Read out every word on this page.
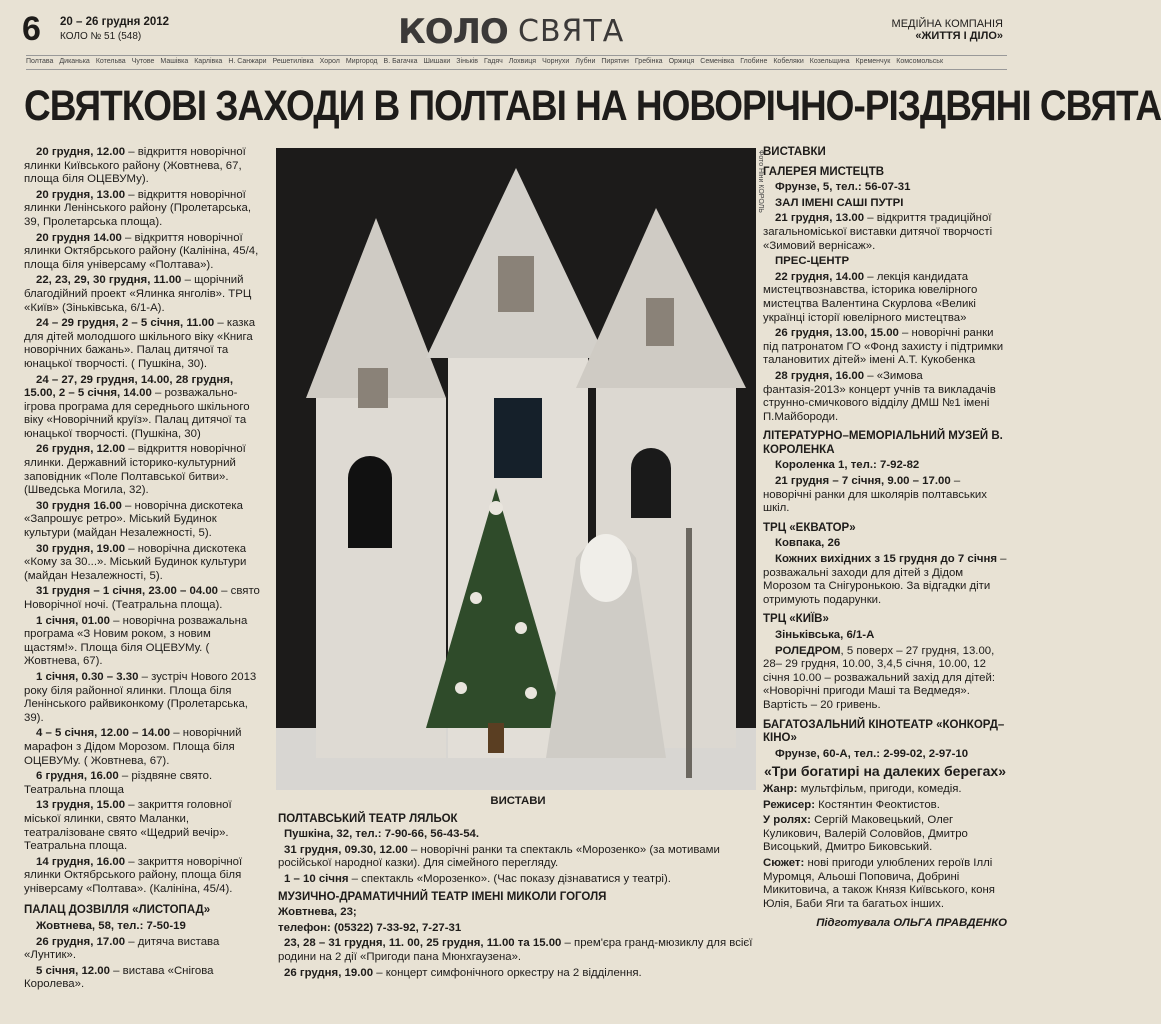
6 20 – 26 грудня 2012
КОЛО № 51 (548)	КОЛО СВЯТА	МЕДІЙНА КОМПАНІЯ
«ЖИТТЯ І ДІЛО»
Полтава Диканька Котельва Чутове Машівка Карлівка Н. Санжари Решетилівка Хорол Миргород В. Багачка Шишаки Зіньків Гадяч Лохвиця Чорнухи Лубни Пирятин Гребінка Оржиця Семенівка Глобине Кобеляки Козельщина Кременчук Комсомольськ
СВЯТКОВІ ЗАХОДИ В ПОЛТАВІ НА НОВОРІЧНО-РІЗДВЯНІ СВЯТА

20 грудня, 12.00 – відкриття новорічної ялинки Київського району (Жовтнева, 67, площа біля ОЦЕВУМу).

20 грудня, 13.00 – відкриття новорічної ялинки Ленінського району (Пролетарська, 39, Пролетарська площа).

20 грудня 14.00 – відкриття новорічної ялинки Октябрського району (Калініна, 45/4, площа біля універсаму «Полтава»).

22, 23, 29, 30 грудня, 11.00 – щорічний благодійний проект «Ялинка янголів». ТРЦ «Київ» (Зіньківська, 6/1-А).

24 – 29 грудня, 2 – 5 січня, 11.00 – казка для дітей молодшого шкільного віку «Книга новорічних бажань». Палац дитячої та юнацької творчості. ( Пушкіна, 30).

24 – 27, 29 грудня, 14.00, 28 грудня, 15.00, 2 – 5 січня, 14.00 – розважально-ігрова програма для середнього шкільного віку «Новорічний круїз». Палац дитячої та юнацької творчості. (Пушкіна, 30)

26 грудня, 12.00 – відкриття новорічної ялинки. Державний історико-культурний заповідник «Поле Полтавської битви». (Шведська Могила, 32).

30 грудня 16.00 – новорічна дискотека «Запрошує ретро». Міський Будинок культури (майдан Незалежності, 5).

30 грудня, 19.00 – новорічна дискотека «Кому за 30...». Міський Будинок культури (майдан Незалежності, 5).

31 грудня – 1 січня, 23.00 – 04.00 – свято Новорічної ночі. (Театральна площа).

1 січня, 01.00 – новорічна розважальна програма «З Новим роком, з новим щастям!». Площа біля ОЦЕВУМу. ( Жовтнева, 67).

1 січня, 0.30 – 3.30 – зустріч Нового 2013 року біля районної ялинки. Площа біля Ленінського райвиконкому (Пролетарська, 39).

4 – 5 січня, 12.00 – 14.00 – новорічний марафон з Дідом Морозом. Площа біля ОЦЕВУМу. ( Жовтнева, 67).

6 грудня, 16.00 – різдвяне свято. Театральна площа

13 грудня, 15.00 – закриття головної міської ялинки, свято Маланки, театралізоване свято «Щедрий вечір». Театральна площа.

14 грудня, 16.00 – закриття новорічної ялинки Октябрського району, площа біля універсаму «Полтава». (Калініна, 45/4).

ПАЛАЦ ДОЗВІЛЛЯ «ЛИСТОПАД»

Жовтнева, 58, тел.: 7-50-19

26 грудня, 17.00 – дитяча вистава «Лунтик».

5 січня, 12.00 – вистава «Снігова Королева».

Фото Ніни КОРОЛЬ

ВИСТАВИ

ПОЛТАВСЬКИЙ ТЕАТР ЛЯЛЬОК

Пушкіна, 32, тел.: 7-90-66, 56-43-54.

31 грудня, 09.30, 12.00 – новорічні ранки та спектакль «Морозенко» (за мотивами російської народної казки). Для сімейного перегляду.

1 – 10 січня – спектакль «Морозенко». (Час показу дізнаватися у театрі).

МУЗИЧНО-ДРАМАТИЧНИЙ ТЕАТР ІМЕНІ МИКОЛИ ГОГОЛЯ

Жовтнева, 23;

телефон: (05322) 7-33-92, 7-27-31

23, 28 – 31 грудня, 11. 00, 25 грудня, 11.00 та 15.00 – прем'єра гранд-мюзиклу для всієї родини на 2 дії «Пригоди пана Мюнхгаузена».

26 грудня, 19.00 – концерт симфонічного оркестру на 2 відділення.

ВИСТАВКИ
ГАЛЕРЕЯ МИСТЕЦТВ

Фрунзе, 5, тел.: 56-07-31

ЗАЛ ІМЕНІ САШІ ПУТРІ

21 грудня, 13.00 – відкриття традиційної загальноміської виставки дитячої творчості «Зимовий вернісаж».

ПРЕС-ЦЕНТР

22 грудня, 14.00 – лекція кандидата мистецтвознавства, історика ювелірного мистецтва Валентина Скурлова «Великі українці історії ювелірного мистецтва»

26 грудня, 13.00, 15.00 – новорічні ранки під патронатом ГО «Фонд захисту і підтримки талановитих дітей» імені А.Т. Кукобенка

28 грудня, 16.00 – «Зимова фантазія-2013» концерт учнів та викладачів струнно-смичкового відділу ДМШ №1 імені П.Майбороди.

ЛІТЕРАТУРНО–МЕМОРІАЛЬНИЙ МУЗЕЙ В. КОРОЛЕНКА

Короленка 1, тел.: 7-92-82

21 грудня – 7 січня, 9.00 – 17.00 – новорічні ранки для школярів полтавських шкіл.

ТРЦ «ЕКВАТОР»

Ковпака, 26

Кожних вихідних з 15 грудня до 7 січня – розважальні заходи для дітей з Дідом Морозом та Снігуронькою. За відгадки діти отримують подарунки.

ТРЦ «КИЇВ»

Зіньківська, 6/1-А

РОЛЕДРОМ, 5 поверх – 27 грудня, 13.00, 28– 29 грудня, 10.00, 3,4,5 січня, 10.00, 12 січня 10.00 – розважальний захід для дітей: «Новорічні пригоди Маші та Ведмедя». Вартість – 20 гривень.

БАГАТОЗАЛЬНИЙ КІНОТЕАТР «КОНКОРД–КІНО»

Фрунзе, 60-А, тел.: 2-99-02, 2-97-10

«Три богатирі на далеких берегах»

Жанр: мультфільм, пригоди, комедія.

Режисер: Костянтин Феоктистов.

У ролях: Сергій Маковецький, Олег Куликович, Валерій Соловйов, Дмитро Висоцький, Дмитро Биковський.

Сюжет: нові пригоди улюблених героїв Іллі Муромця, Альоші Поповича, Добрині Микитовича, а також Князя Київського, коня Юлія, Баби Яги та багатьох інших.

Підготувала ОЛЬГА ПРАВДЕНКО
